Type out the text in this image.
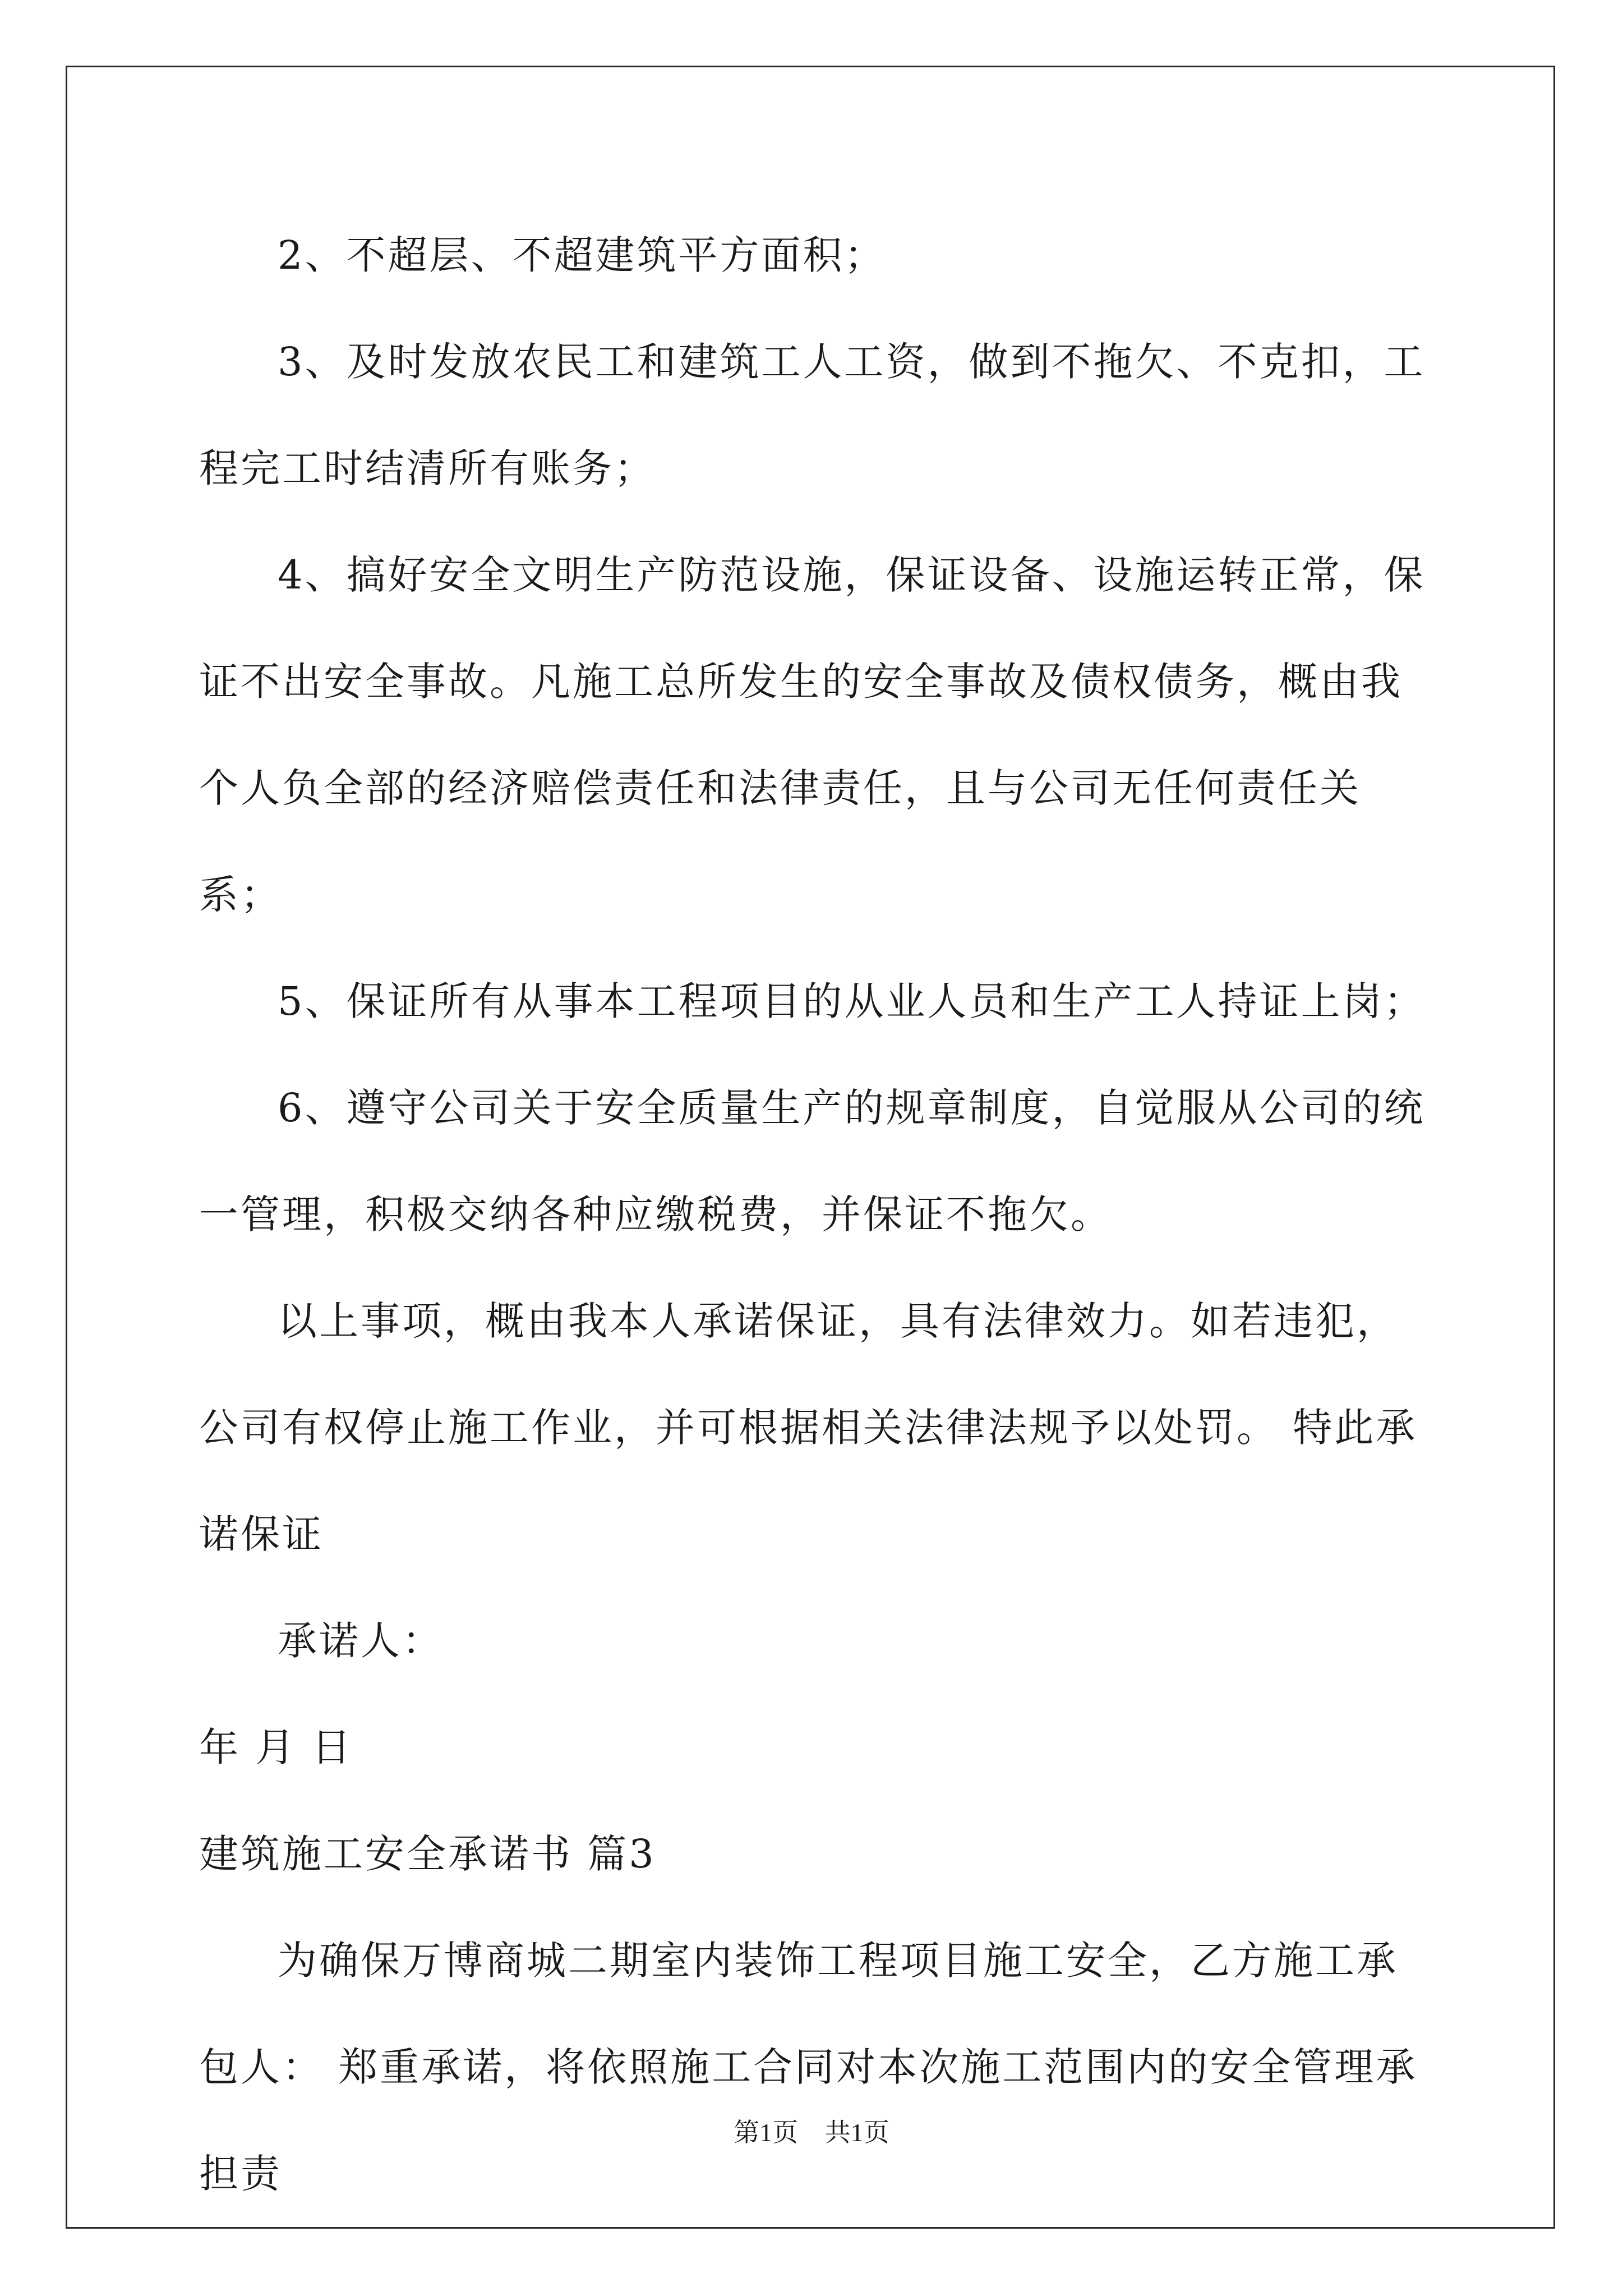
2、不超层、不超建筑平方面积；

3、及时发放农民工和建筑工人工资，做到不拖欠、不克扣，工程完工时结清所有账务；

4、搞好安全文明生产防范设施，保证设备、设施运转正常，保证不出安全事故。凡施工总所发生的安全事故及债权债务，概由我个人负全部的经济赔偿责任和法律责任，且与公司无任何责任关系；

5、保证所有从事本工程项目的从业人员和生产工人持证上岗；

6、遵守公司关于安全质量生产的规章制度，自觉服从公司的统一管理，积极交纳各种应缴税费，并保证不拖欠。

以上事项，概由我本人承诺保证，具有法律效力。如若违犯，公司有权停止施工作业，并可根据相关法律法规予以处罚。 特此承诺保证

承诺人：

年 月 日

建筑施工安全承诺书 篇3

为确保万博商城二期室内装饰工程项目施工安全，乙方施工承包人： 郑重承诺，将依照施工合同对本次施工范围内的安全管理承担责

第1页 共1页
